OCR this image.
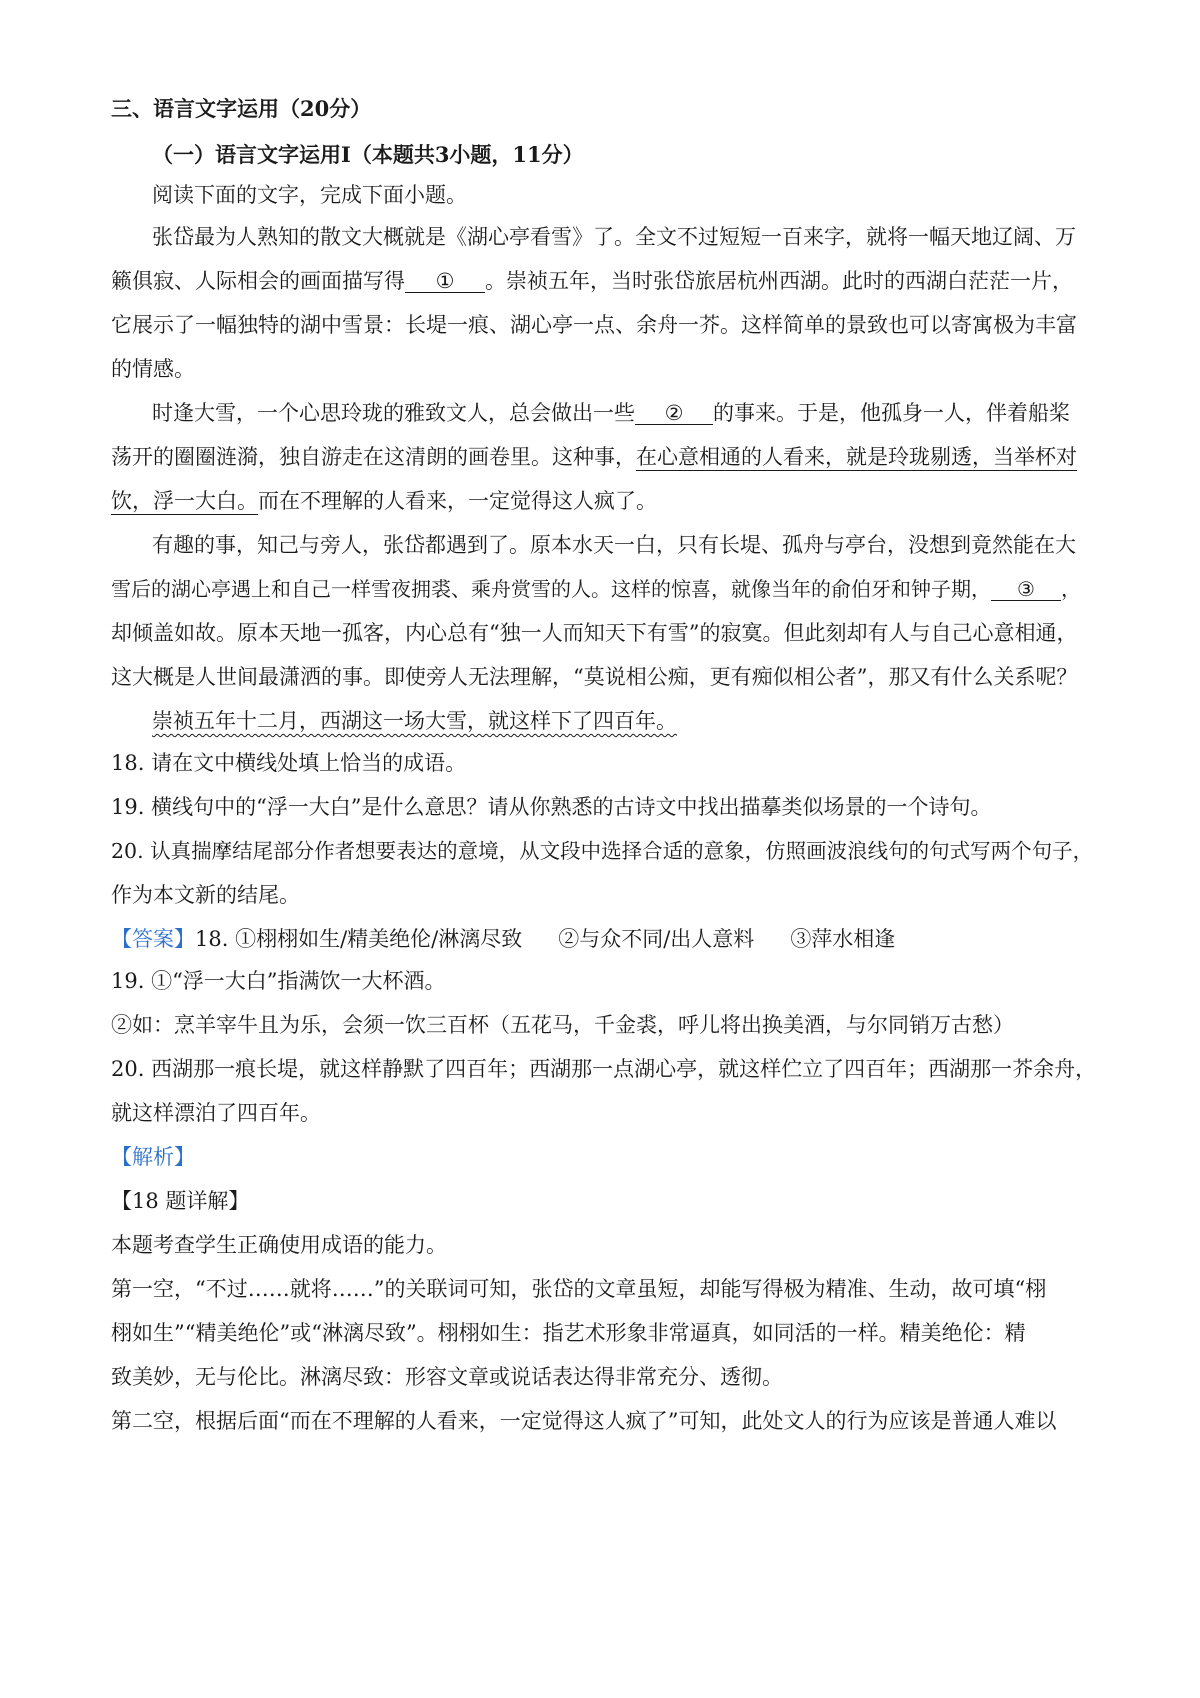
三、语言文字运用（20分）
（一）语言文字运用Ⅰ（本题共3小题，11分）
阅读下面的文字，完成下面小题。
张岱最为人熟知的散文大概就是《湖心亭看雪》了。全文不过短短一百来字，就将一幅天地辽阔、万
籁俱寂、人际相会的画面描写得 ① 。崇祯五年，当时张岱旅居杭州西湖。此时的西湖白茫茫一片，
它展示了一幅独特的湖中雪景：长堤一痕、湖心亭一点、余舟一芥。这样简单的景致也可以寄寓极为丰富
的情感。
时逢大雪，一个心思玲珑的雅致文人，总会做出一些 ② 的事来。于是，他孤身一人，伴着船桨
荡开的圈圈涟漪，独自游走在这清朗的画卷里。这种事，在心意相通的人看来，就是玲珑剔透，当举杯对
饮，浮一大白。而在不理解的人看来，一定觉得这人疯了。
有趣的事，知己与旁人，张岱都遇到了。原本水天一白，只有长堤、孤舟与亭台，没想到竟然能在大
雪后的湖心亭遇上和自己一样雪夜拥裘、乘舟赏雪的人。这样的惊喜，就像当年的俞伯牙和钟子期， ③ ，
却倾盖如故。原本天地一孤客，内心总有“独一人而知天下有雪”的寂寞。但此刻却有人与自己心意相通，
这大概是人世间最潇洒的事。即使旁人无法理解，“莫说相公痴，更有痴似相公者”，那又有什么关系呢？
崇祯五年十二月，西湖这一场大雪，就这样下了四百年。
18. 请在文中横线处填上恰当的成语。
19. 横线句中的“浮一大白”是什么意思？请从你熟悉的古诗文中找出描摹类似场景的一个诗句。
20. 认真揣摩结尾部分作者想要表达的意境，从文段中选择合适的意象，仿照画波浪线句的句式写两个句子，
作为本文新的结尾。
【答案】18. ①栩栩如生/精美绝伦/淋漓尽致 ②与众不同/出人意料 ③萍水相逢
19. ①“浮一大白”指满饮一大杯酒。
②如：烹羊宰牛且为乐，会须一饮三百杯（五花马，千金裘，呼儿将出换美酒，与尔同销万古愁）
20. 西湖那一痕长堤，就这样静默了四百年；西湖那一点湖心亭，就这样伫立了四百年；西湖那一芥余舟，
就这样漂泊了四百年。
【解析】
【18 题详解】
本题考查学生正确使用成语的能力。
第一空，“不过……就将……”的关联词可知，张岱的文章虽短，却能写得极为精准、生动，故可填“栩
栩如生”“精美绝伦”或“淋漓尽致”。栩栩如生：指艺术形象非常逼真，如同活的一样。精美绝伦：精
致美妙，无与伦比。淋漓尽致：形容文章或说话表达得非常充分、透彻。
第二空，根据后面“而在不理解的人看来，一定觉得这人疯了”可知，此处文人的行为应该是普通人难以
